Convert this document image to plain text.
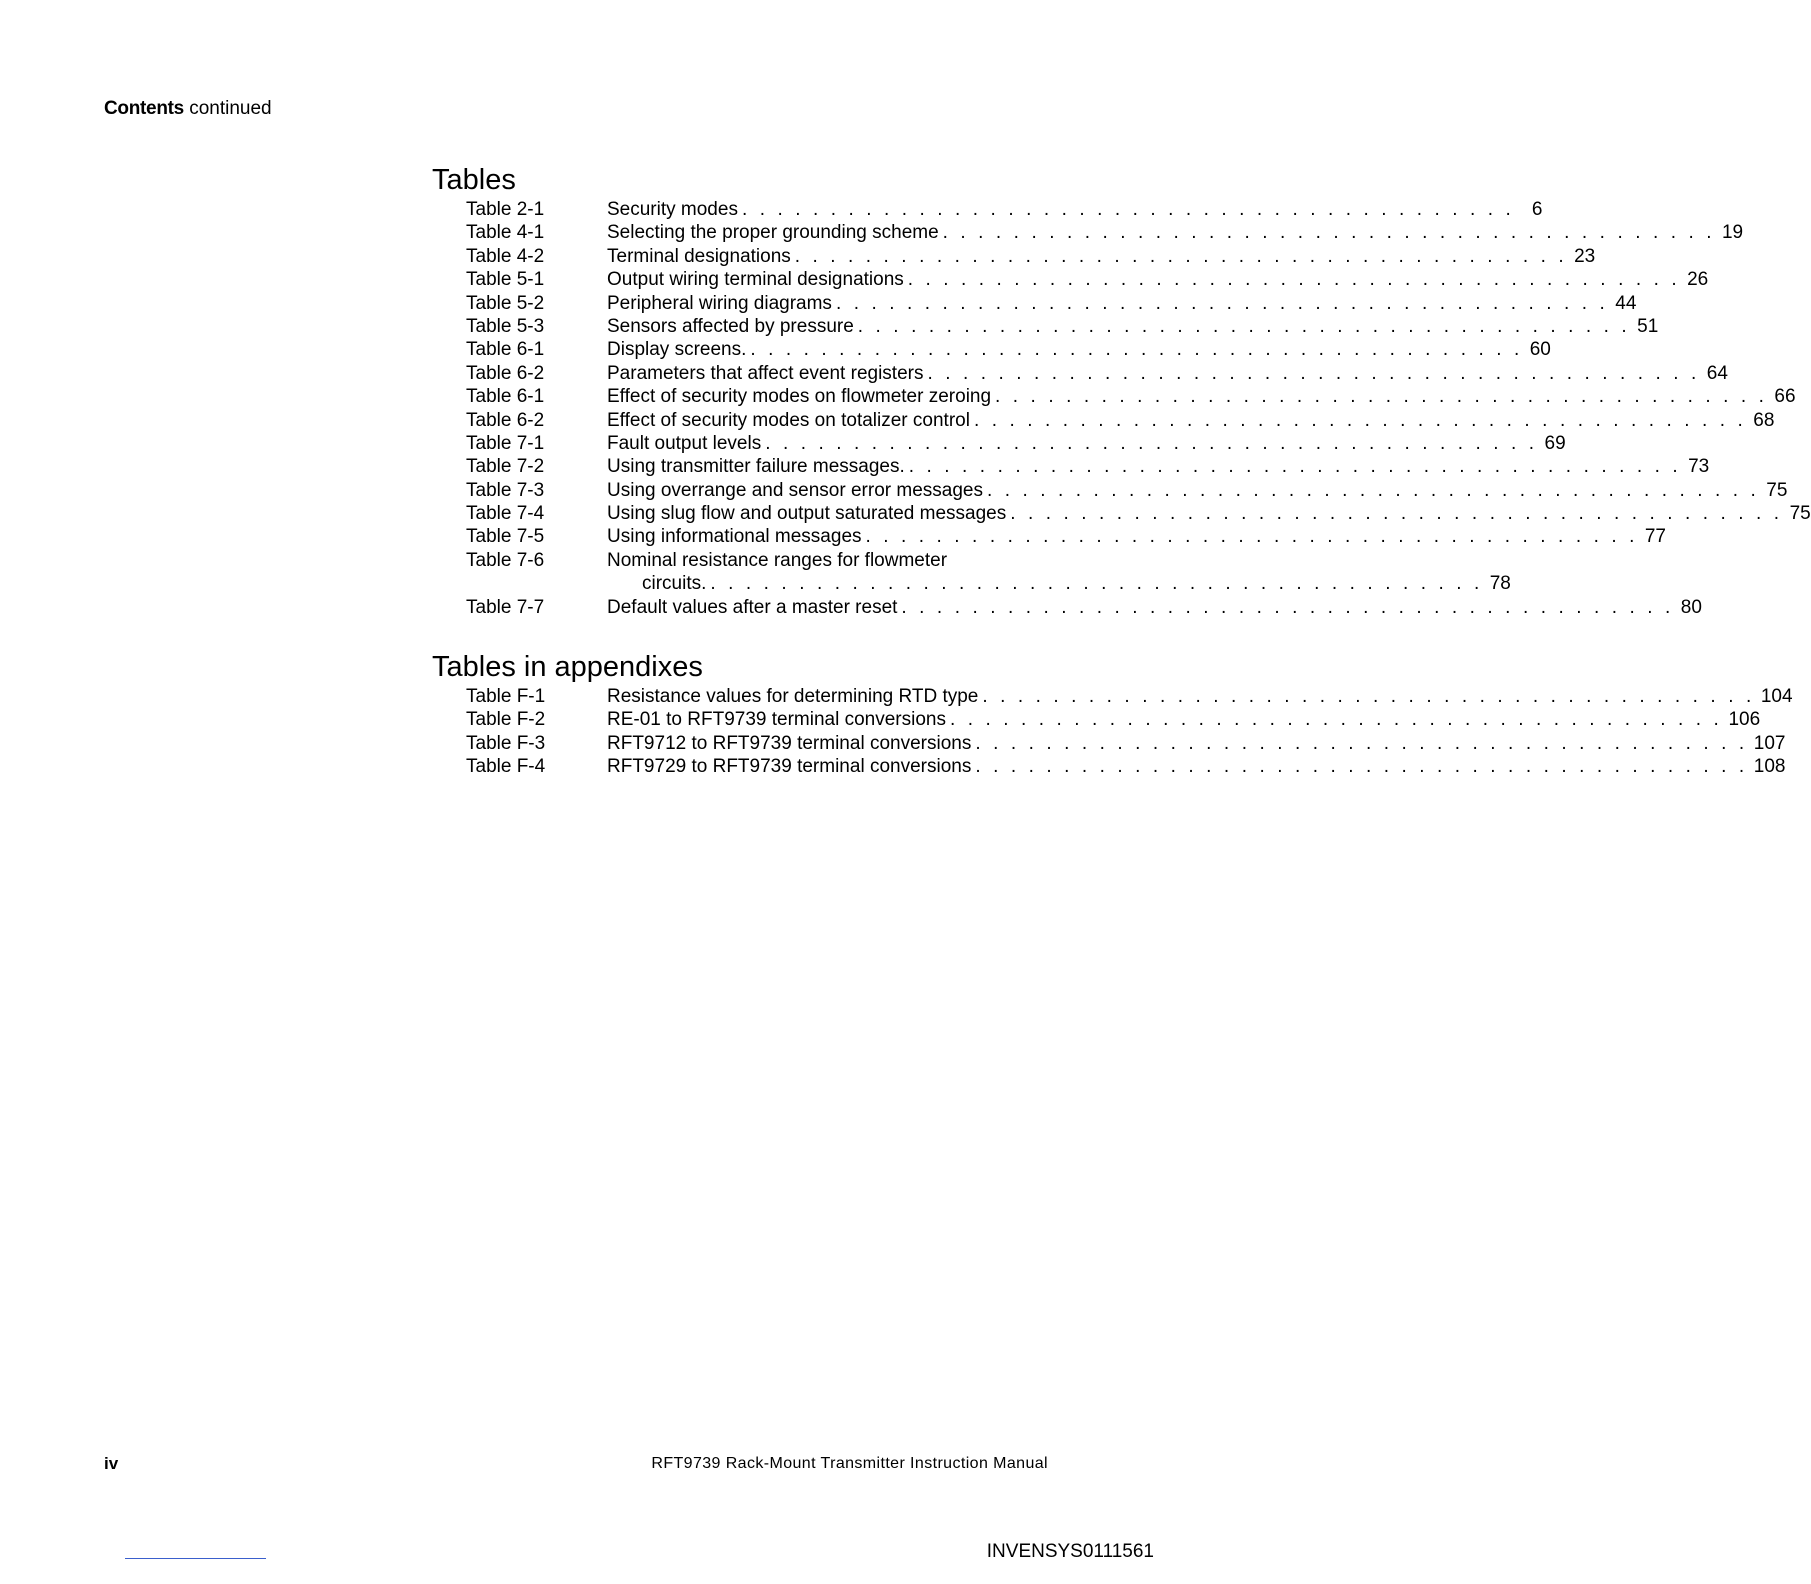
Contents continued
Tables
Table 2-1	Security modes . . . . . . . . . . . . . . . . . . . . . . . . . . . . . . . . . . . . . . . . . . . . 6
Table 4-1	Selecting the proper grounding scheme . . . . . . . . . . . . . . . . . . . . . . . . . . . . . . . . . . . . . . . . . . . . 19
Table 4-2	Terminal designations . . . . . . . . . . . . . . . . . . . . . . . . . . . . . . . . . . . . . . . . . . . . 23
Table 5-1	Output wiring terminal designations . . . . . . . . . . . . . . . . . . . . . . . . . . . . . . . . . . . . . . . . . . . . 26
Table 5-2	Peripheral wiring diagrams . . . . . . . . . . . . . . . . . . . . . . . . . . . . . . . . . . . . . . . . . . . . 44
Table 5-3	Sensors affected by pressure . . . . . . . . . . . . . . . . . . . . . . . . . . . . . . . . . . . . . . . . . . . . 51
Table 6-1	Display screens. . . . . . . . . . . . . . . . . . . . . . . . . . . . . . . . . . . . . . . . . . . . . 60
Table 6-2	Parameters that affect event registers . . . . . . . . . . . . . . . . . . . . . . . . . . . . . . . . . . . . . . . . . . . . 64
Table 6-1	Effect of security modes on flowmeter zeroing . . . . . . . . . . . . . . . . . . . . . . . . . . . . . . . . . . . . . . . . . . . . 66
Table 6-2	Effect of security modes on totalizer control . . . . . . . . . . . . . . . . . . . . . . . . . . . . . . . . . . . . . . . . . . . . 68
Table 7-1	Fault output levels . . . . . . . . . . . . . . . . . . . . . . . . . . . . . . . . . . . . . . . . . . . . 69
Table 7-2	Using transmitter failure messages. . . . . . . . . . . . . . . . . . . . . . . . . . . . . . . . . . . . . . . . . . . . . 73
Table 7-3	Using overrange and sensor error messages . . . . . . . . . . . . . . . . . . . . . . . . . . . . . . . . . . . . . . . . . . . . 75
Table 7-4	Using slug flow and output saturated messages . . . . . . . . . . . . . . . . . . . . . . . . . . . . . . . . . . . . . . . . . . . . 75
Table 7-5	Using informational messages . . . . . . . . . . . . . . . . . . . . . . . . . . . . . . . . . . . . . . . . . . . . 77
Table 7-6	Nominal resistance ranges for flowmeter
circuits. . . . . . . . . . . . . . . . . . . . . . . . . . . . . . . . . . . . . . . . . . . . . 78
Table 7-7	Default values after a master reset . . . . . . . . . . . . . . . . . . . . . . . . . . . . . . . . . . . . . . . . . . . . 80
Tables in appendixes
Table F-1	Resistance values for determining RTD type . . . . . . . . . . . . . . . . . . . . . . . . . . . . . . . . . . . . . . . . . . . . 104
Table F-2	RE-01 to RFT9739 terminal conversions . . . . . . . . . . . . . . . . . . . . . . . . . . . . . . . . . . . . . . . . . . . . 106
Table F-3	RFT9712 to RFT9739 terminal conversions . . . . . . . . . . . . . . . . . . . . . . . . . . . . . . . . . . . . . . . . . . . . 107
Table F-4	RFT9729 to RFT9739 terminal conversions . . . . . . . . . . . . . . . . . . . . . . . . . . . . . . . . . . . . . . . . . . . . 108
iv	RFT9739 Rack-Mount Transmitter Instruction Manual
INVENSYS0111561
